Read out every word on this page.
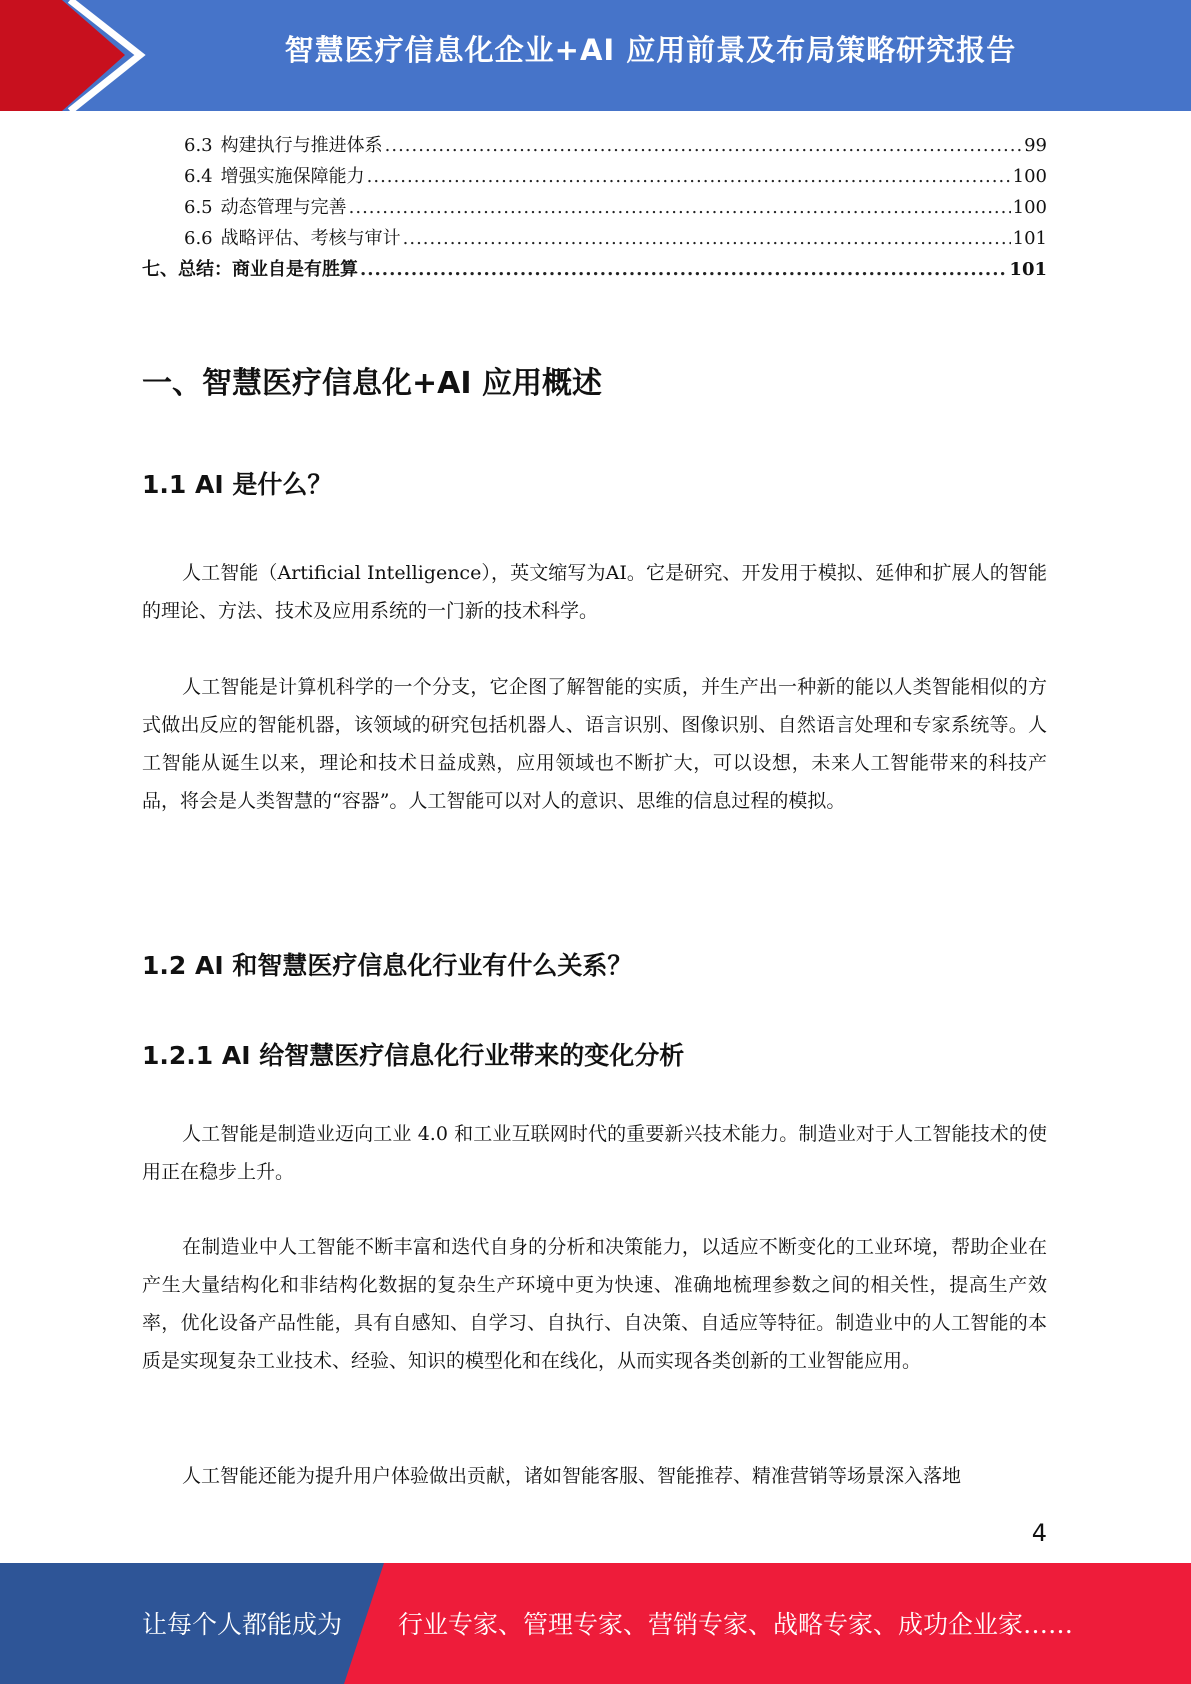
智慧医疗信息化企业+AI 应用前景及布局策略研究报告
6.3 构建执行与推进体系 .....	99
6.4 增强实施保障能力 .....	100
6.5 动态管理与完善 .....	100
6.6 战略评估、考核与审计 .....	101
七、总结：商业自是有胜算 .....	101
一、智慧医疗信息化+AI 应用概述
1.1 AI 是什么？

人工智能（Artificial Intelligence），英文缩写为AI。它是研究、开发用于模拟、延伸和扩展人的智能的理论、方法、技术及应用系统的一门新的技术科学。

人工智能是计算机科学的一个分支，它企图了解智能的实质，并生产出一种新的能以人类智能相似的方式做出反应的智能机器，该领域的研究包括机器人、语言识别、图像识别、自然语言处理和专家系统等。人工智能从诞生以来，理论和技术日益成熟，应用领域也不断扩大，可以设想，未来人工智能带来的科技产品，将会是人类智慧的“容器”。人工智能可以对人的意识、思维的信息过程的模拟。

1.2 AI 和智慧医疗信息化行业有什么关系？
1.2.1 AI 给智慧医疗信息化行业带来的变化分析

人工智能是制造业迈向工业 4.0 和工业互联网时代的重要新兴技术能力。制造业对于人工智能技术的使用正在稳步上升。

在制造业中人工智能不断丰富和迭代自身的分析和决策能力，以适应不断变化的工业环境，帮助企业在产生大量结构化和非结构化数据的复杂生产环境中更为快速、准确地梳理参数之间的相关性，提高生产效率，优化设备产品性能，具有自感知、自学习、自执行、自决策、自适应等特征。制造业中的人工智能的本质是实现复杂工业技术、经验、知识的模型化和在线化，从而实现各类创新的工业智能应用。

人工智能还能为提升用户体验做出贡献，诸如智能客服、智能推荐、精准营销等场景深入落地

4
让每个人都能成为 行业专家、管理专家、营销专家、战略专家、成功企业家……
